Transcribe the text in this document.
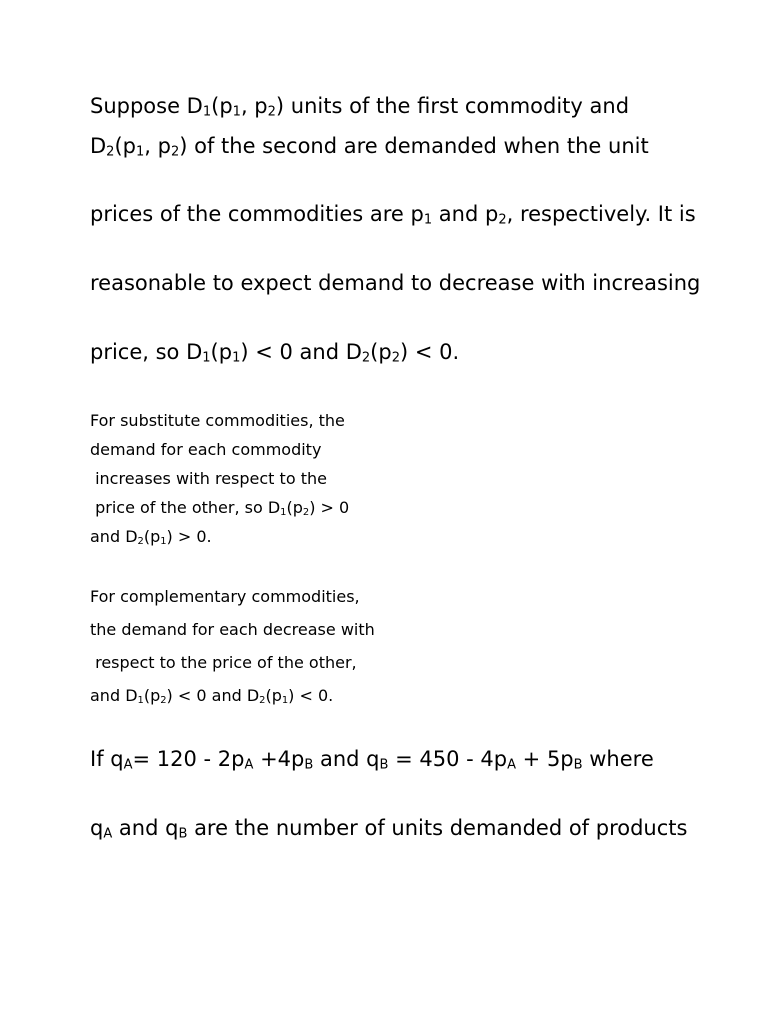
Suppose $D_1(p_1$, $p_2$) units of the first commodity and

$D_2(p_1$, $p_2$) of the second are demanded when the unit

prices of the commodities are $p_1$ and $p_2$, respectively. It is

reasonable to expect demand to decrease with increasing

price, so $D_1(p_1) < 0$ and $D_2(p_2) < 0$.

For substitute commodities, the
demand for each commodity
increases with respect to the
price of the other, so $D_1(p_2) > 0$
and $D_2(p_1) > 0$.

For complementary commodities,
the demand for each decrease with
respect to the price of the other,
and $D_1(p_2) < 0$ and $D_2(p_1) < 0$.

If $q_A= 120 - 2p_A +4p_B$ and $q_B = 450 - 4p_A + 5p_B$ where

$q_A$ and $q_B$ are the number of units demanded of products
